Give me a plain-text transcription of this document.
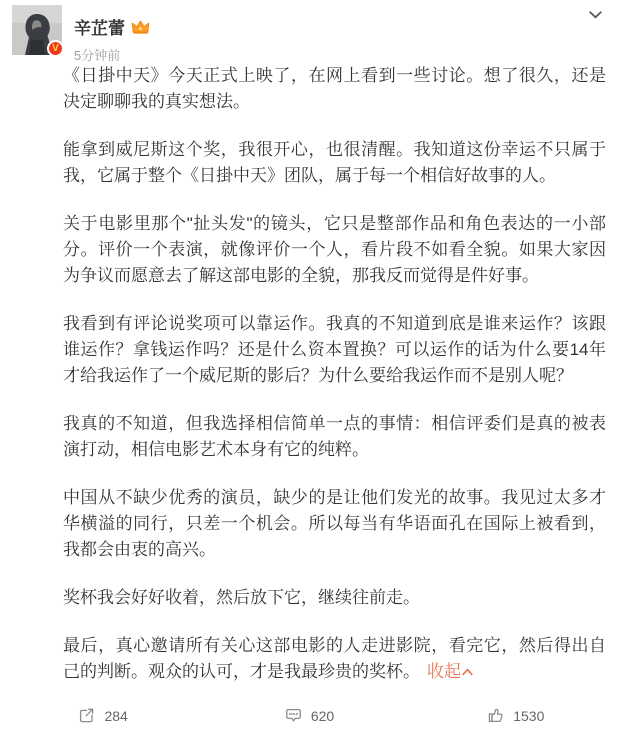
V
辛芷蕾
5分钟前

《日掛中天》今天正式上映了，在网上看到一些讨论。想了很久，还是决定聊聊我的真实想法。

能拿到威尼斯这个奖，我很开心，也很清醒。我知道这份幸运不只属于我，它属于整个《日掛中天》团队，属于每一个相信好故事的人。

关于电影里那个"扯头发"的镜头，它只是整部作品和角色表达的一小部分。评价一个表演，就像评价一个人，看片段不如看全貌。如果大家因为争议而愿意去了解这部电影的全貌，那我反而觉得是件好事。

我看到有评论说奖项可以靠运作。我真的不知道到底是谁来运作？该跟谁运作？拿钱运作吗？还是什么资本置换？可以运作的话为什么要14年才给我运作了一个威尼斯的影后？为什么要给我运作而不是别人呢？

我真的不知道，但我选择相信简单一点的事情：相信评委们是真的被表演打动，相信电影艺术本身有它的纯粹。

中国从不缺少优秀的演员，缺少的是让他们发光的故事。我见过太多才华横溢的同行，只差一个机会。所以每当有华语面孔在国际上被看到，我都会由衷的高兴。

奖杯我会好好收着，然后放下它，继续往前走。

最后，真心邀请所有关心这部电影的人走进影院，看完它，然后得出自己的判断。观众的认可，才是我最珍贵的奖杯。 收起

284	620	1530
